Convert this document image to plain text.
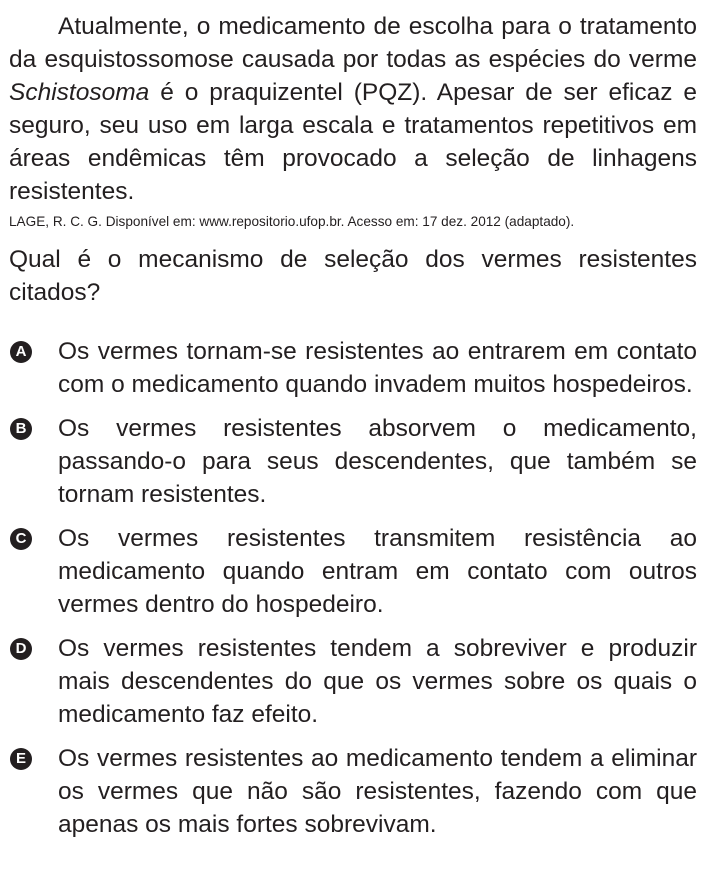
Atualmente, o medicamento de escolha para o tratamento da esquistossomose causada por todas as espécies do verme Schistosoma é o praquizentel (PQZ). Apesar de ser eficaz e seguro, seu uso em larga escala e tratamentos repetitivos em áreas endêmicas têm provocado a seleção de linhagens resistentes.

LAGE, R. C. G. Disponível em: www.repositorio.ufop.br. Acesso em: 17 dez. 2012 (adaptado).

Qual é o mecanismo de seleção dos vermes resistentes citados?

A Os vermes tornam-se resistentes ao entrarem em contato com o medicamento quando invadem muitos hospedeiros.

B Os vermes resistentes absorvem o medicamento, passando-o para seus descendentes, que também se tornam resistentes.

C Os vermes resistentes transmitem resistência ao medicamento quando entram em contato com outros vermes dentro do hospedeiro.

D Os vermes resistentes tendem a sobreviver e produzir mais descendentes do que os vermes sobre os quais o medicamento faz efeito.

E Os vermes resistentes ao medicamento tendem a eliminar os vermes que não são resistentes, fazendo com que apenas os mais fortes sobrevivam.
